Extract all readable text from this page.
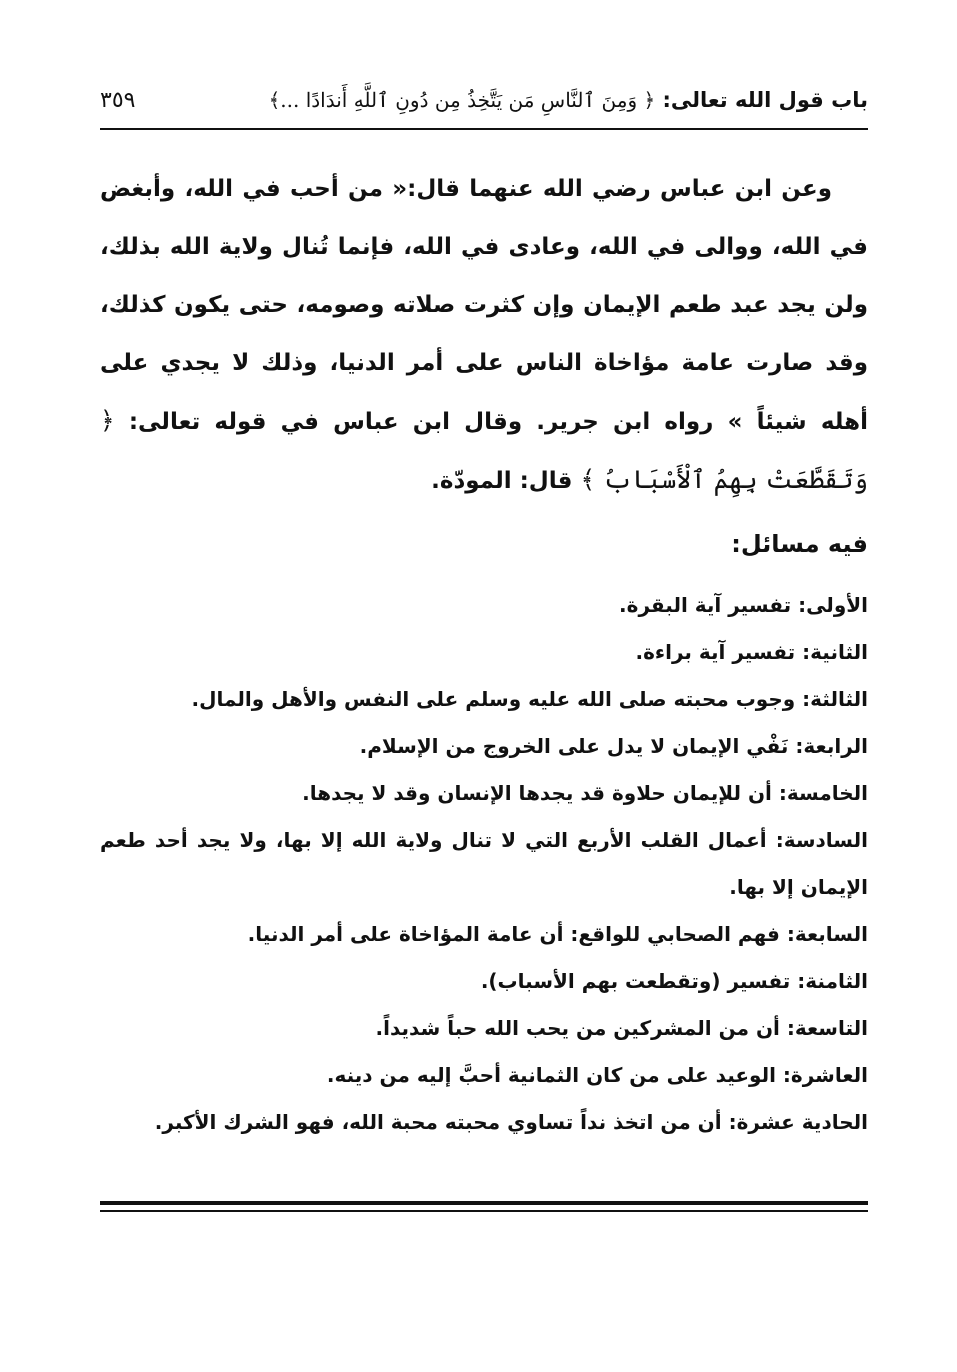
باب قول الله تعالى: ﴿ وَمِنَ ٱلنَّاسِ مَن يَتَّخِذُ مِن دُونِ ٱللَّهِ أَندَادًا ...﴾
٣٥٩

وعن ابن عباس رضي الله عنهما قال:« من أحب في الله، وأبغض في الله، ووالى في الله، وعادى في الله، فإنما تُنال ولاية الله بذلك، ولن يجد عبد طعم الإيمان وإن كثرت صلاته وصومه، حتى يكون كذلك، وقد صارت عامة مؤاخاة الناس على أمر الدنيا، وذلك لا يجدي على أهله شيئاً » رواه ابن جرير. وقال ابن عباس في قوله تعالى: ﴿ وَتَقَطَّعَتْ بِهِمُ ٱلْأَسْبَابُ ﴾ قال: المودّة.

فيه مسائل:

الأولى: تفسير آية البقرة.

الثانية: تفسير آية براءة.

الثالثة: وجوب محبته صلى الله عليه وسلم على النفس والأهل والمال.

الرابعة: نَفْي الإيمان لا يدل على الخروج من الإسلام.

الخامسة: أن للإيمان حلاوة قد يجدها الإنسان وقد لا يجدها.

السادسة: أعمال القلب الأربع التي لا تنال ولاية الله إلا بها، ولا يجد أحد طعم الإيمان إلا بها.

السابعة: فهم الصحابي للواقع: أن عامة المؤاخاة على أمر الدنيا.

الثامنة: تفسير (وتقطعت بهم الأسباب).

التاسعة: أن من المشركين من يحب الله حباً شديداً.

العاشرة: الوعيد على من كان الثمانية أحبَّ إليه من دينه.

الحادية عشرة: أن من اتخذ نداً تساوي محبته محبة الله، فهو الشرك الأكبر.
